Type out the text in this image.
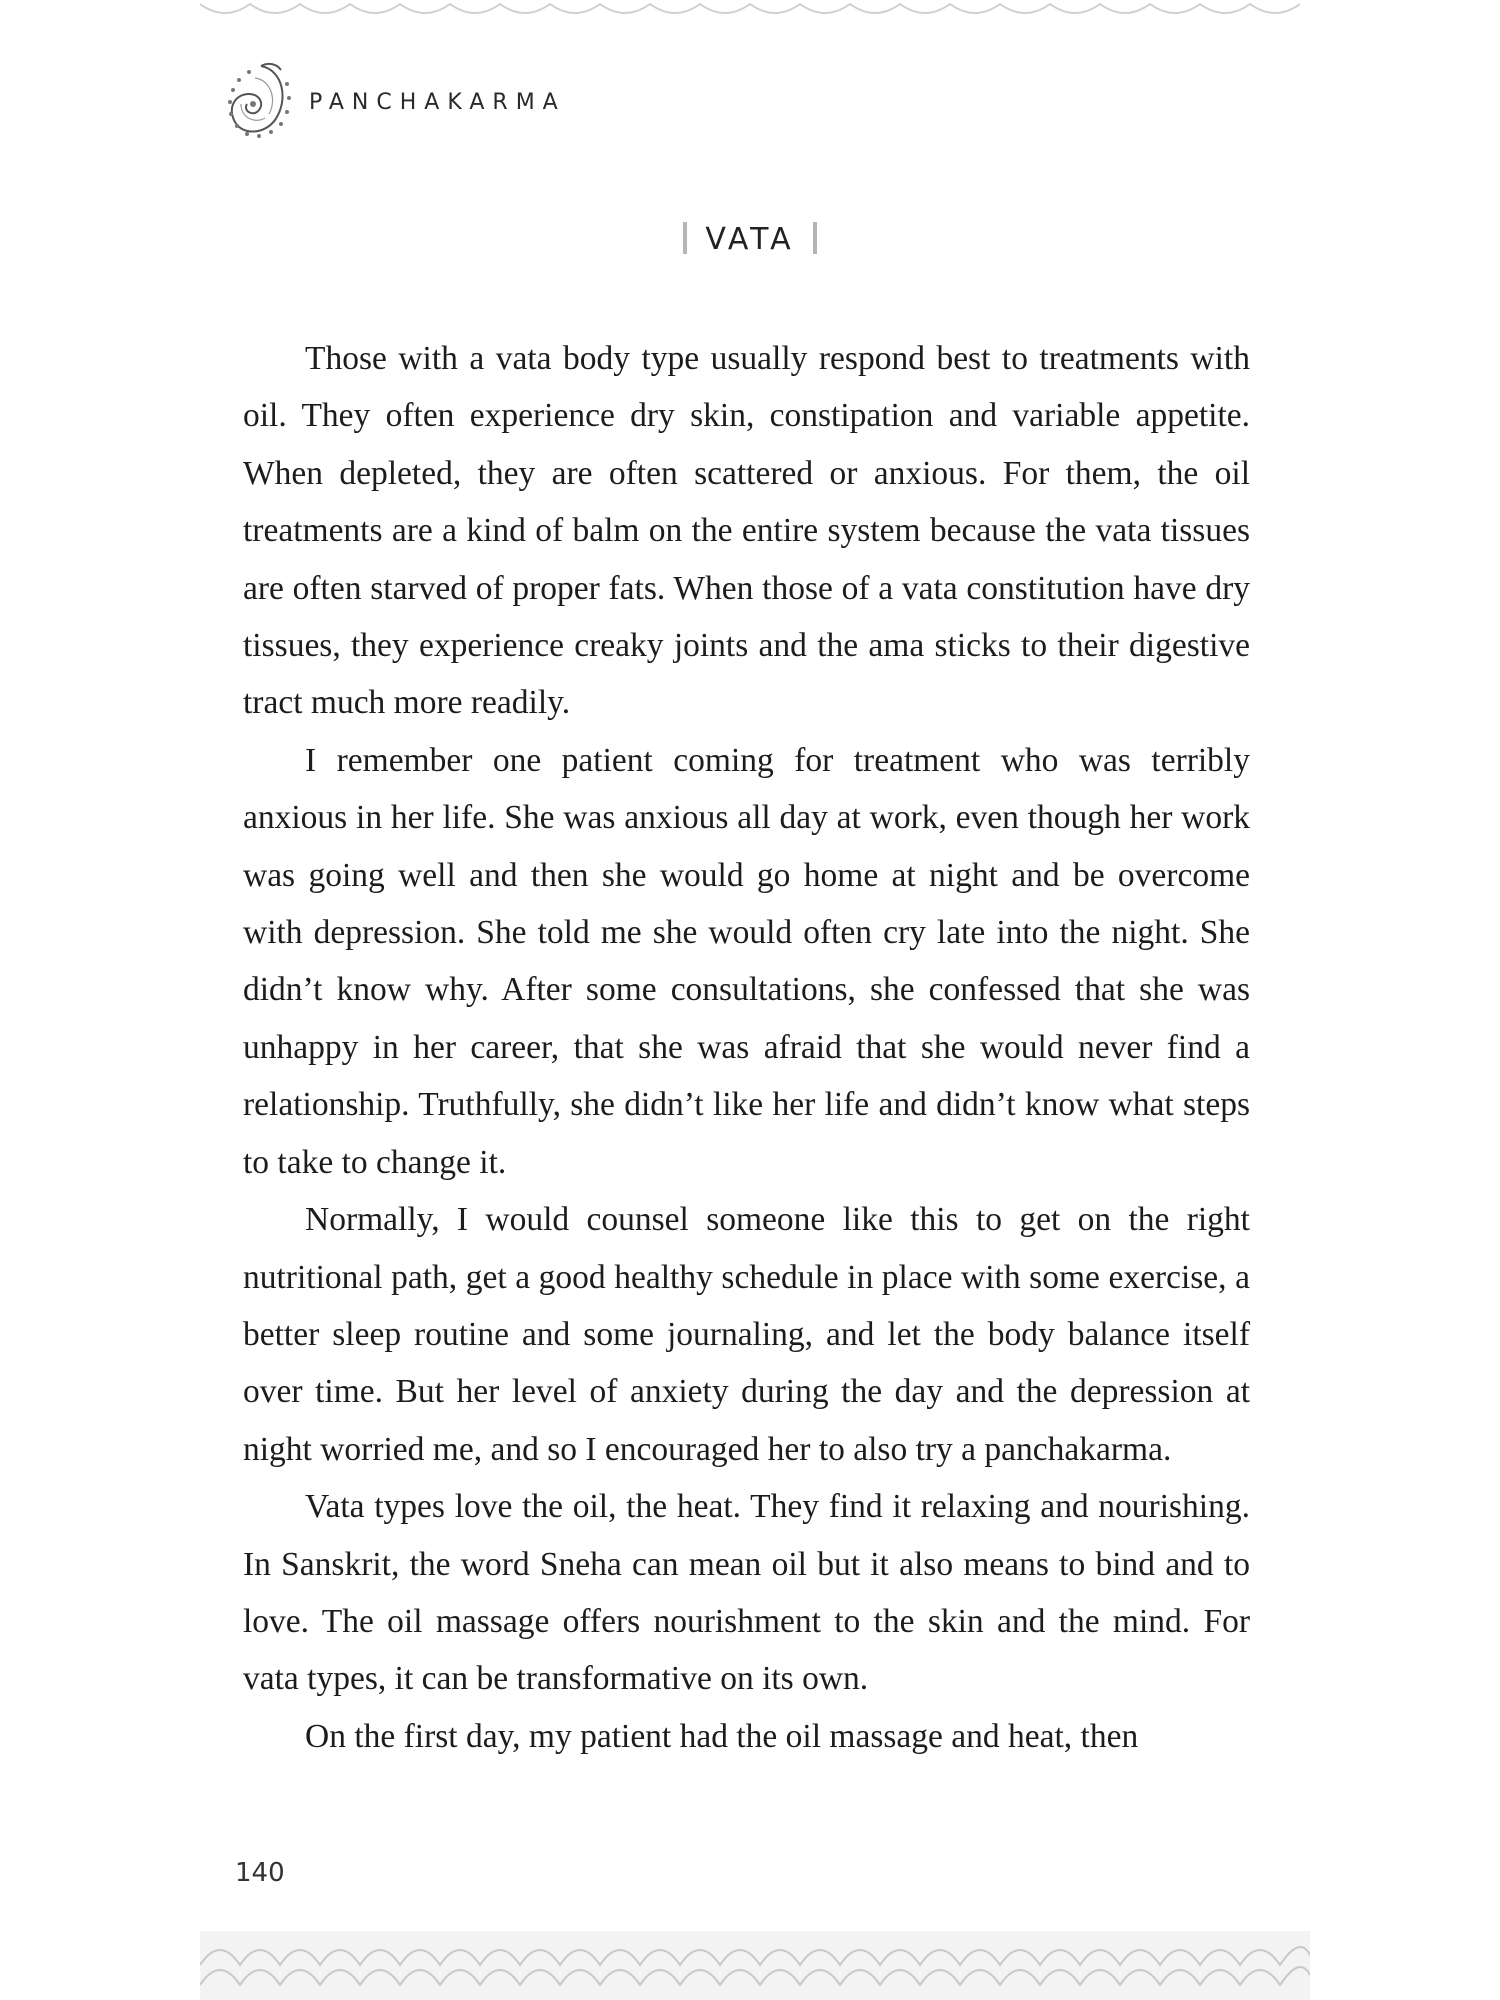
PANCHAKARMA
VATA

Those with a vata body type usually respond best to treatments with oil. They often experience dry skin, constipation and variable appetite. When depleted, they are often scattered or anxious. For them, the oil treatments are a kind of balm on the entire system because the vata tissues are often starved of proper fats. When those of a vata constitution have dry tissues, they experience creaky joints and the ama sticks to their digestive tract much more readily.

I remember one patient coming for treatment who was terribly anxious in her life. She was anxious all day at work, even though her work was going well and then she would go home at night and be overcome with depression. She told me she would often cry late into the night. She didn’t know why. After some consultations, she confessed that she was unhappy in her career, that she was afraid that she would never find a relationship. Truthfully, she didn’t like her life and didn’t know what steps to take to change it.

Normally, I would counsel someone like this to get on the right nutritional path, get a good healthy schedule in place with some exercise, a better sleep routine and some journaling, and let the body balance itself over time. But her level of anxiety during the day and the depression at night worried me, and so I encouraged her to also try a panchakarma.

Vata types love the oil, the heat. They find it relaxing and nourishing. In Sanskrit, the word Sneha can mean oil but it also means to bind and to love. The oil massage offers nourishment to the skin and the mind. For vata types, it can be transformative on its own.

On the first day, my patient had the oil massage and heat, then

140
